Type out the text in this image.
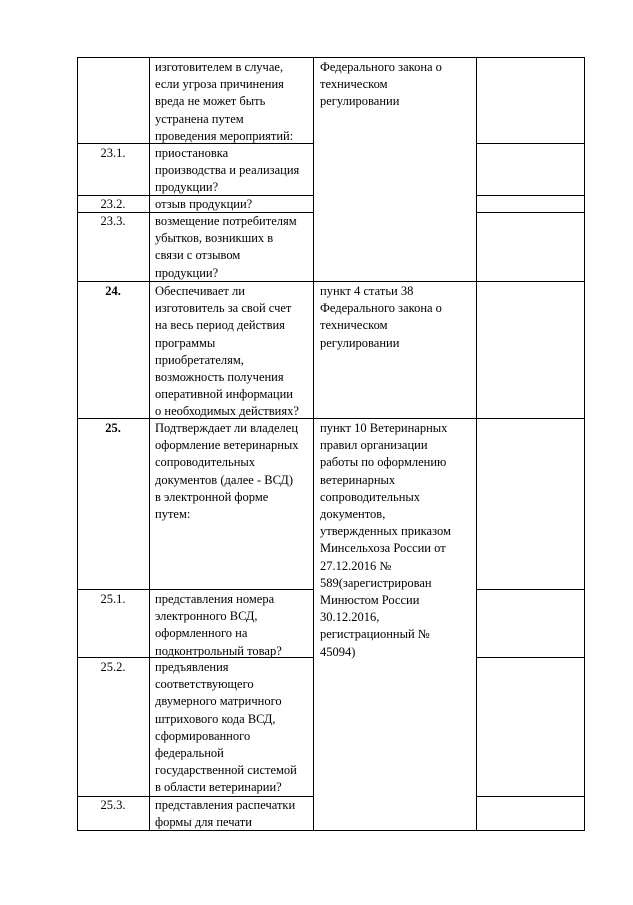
23.1.
23.2.
23.3.
24.
25.
25.1.
25.2.
25.3.
изготовителем в случае,
если угроза причинения
вреда не может быть
устранена путем
проведения мероприятий:
приостановка
производства и реализация
продукции?
отзыв продукции?
возмещение потребителям
убытков, возникших в
связи с отзывом
продукции?
Обеспечивает ли
изготовитель за свой счет
на весь период действия
программы
приобретателям,
возможность получения
оперативной информации
о необходимых действиях?
Подтверждает ли владелец
оформление ветеринарных
сопроводительных
документов (далее - ВСД)
в электронной форме
путем:
представления номера
электронного ВСД,
оформленного на
подконтрольный товар?
предъявления
соответствующего
двумерного матричного
штрихового кода ВСД,
сформированного
федеральной
государственной системой
в области ветеринарии?
представления распечатки
формы для печати
Федерального закона о
техническом
регулировании
пункт 4 статьи 38
Федерального закона о
техническом
регулировании
пункт 10 Ветеринарных
правил организации
работы по оформлению
ветеринарных
сопроводительных
документов,
утвержденных приказом
Минсельхоза России от
27.12.2016 №
589(зарегистрирован
Минюстом России
30.12.2016,
регистрационный №
45094)
